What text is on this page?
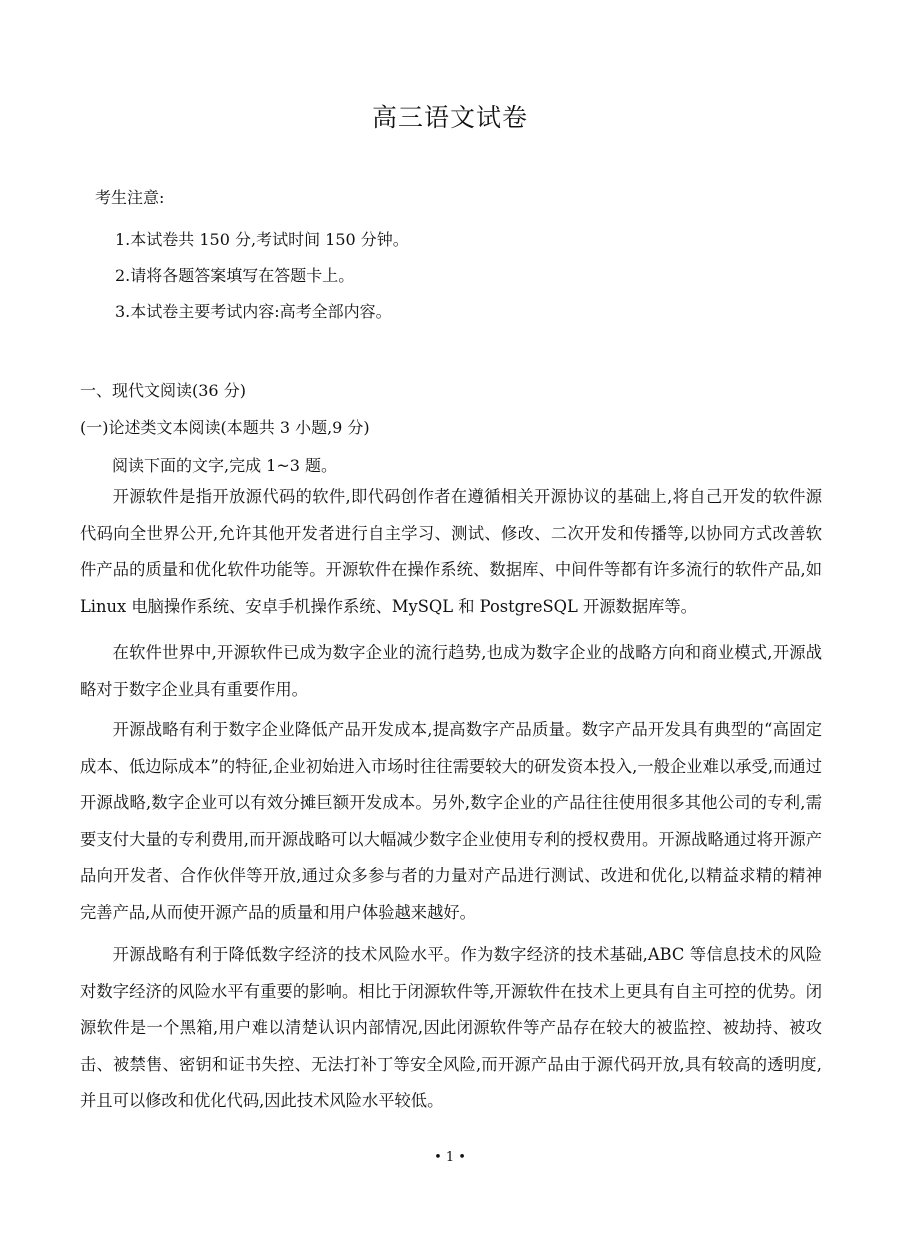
高三语文试卷
考生注意:
1.本试卷共 150 分,考试时间 150 分钟。
2.请将各题答案填写在答题卡上。
3.本试卷主要考试内容:高考全部内容。
一、现代文阅读(36 分)
(一)论述类文本阅读(本题共 3 小题,9 分)
阅读下面的文字,完成 1~3 题。

开源软件是指开放源代码的软件,即代码创作者在遵循相关开源协议的基础上,将自己开发的软件源代码向全世界公开,允许其他开发者进行自主学习、测试、修改、二次开发和传播等,以协同方式改善软件产品的质量和优化软件功能等。开源软件在操作系统、数据库、中间件等都有许多流行的软件产品,如 Linux 电脑操作系统、安卓手机操作系统、MySQL 和 PostgreSQL 开源数据库等。

在软件世界中,开源软件已成为数字企业的流行趋势,也成为数字企业的战略方向和商业模式,开源战略对于数字企业具有重要作用。

开源战略有利于数字企业降低产品开发成本,提高数字产品质量。数字产品开发具有典型的“高固定成本、低边际成本”的特征,企业初始进入市场时往往需要较大的研发资本投入,一般企业难以承受,而通过开源战略,数字企业可以有效分摊巨额开发成本。另外,数字企业的产品往往使用很多其他公司的专利,需要支付大量的专利费用,而开源战略可以大幅减少数字企业使用专利的授权费用。开源战略通过将开源产品向开发者、合作伙伴等开放,通过众多参与者的力量对产品进行测试、改进和优化,以精益求精的精神完善产品,从而使开源产品的质量和用户体验越来越好。

开源战略有利于降低数字经济的技术风险水平。作为数字经济的技术基础,ABC 等信息技术的风险对数字经济的风险水平有重要的影响。相比于闭源软件等,开源软件在技术上更具有自主可控的优势。闭源软件是一个黑箱,用户难以清楚认识内部情况,因此闭源软件等产品存在较大的被监控、被劫持、被攻击、被禁售、密钥和证书失控、无法打补丁等安全风险,而开源产品由于源代码开放,具有较高的透明度,并且可以修改和优化代码,因此技术风险水平较低。

• 1 •
